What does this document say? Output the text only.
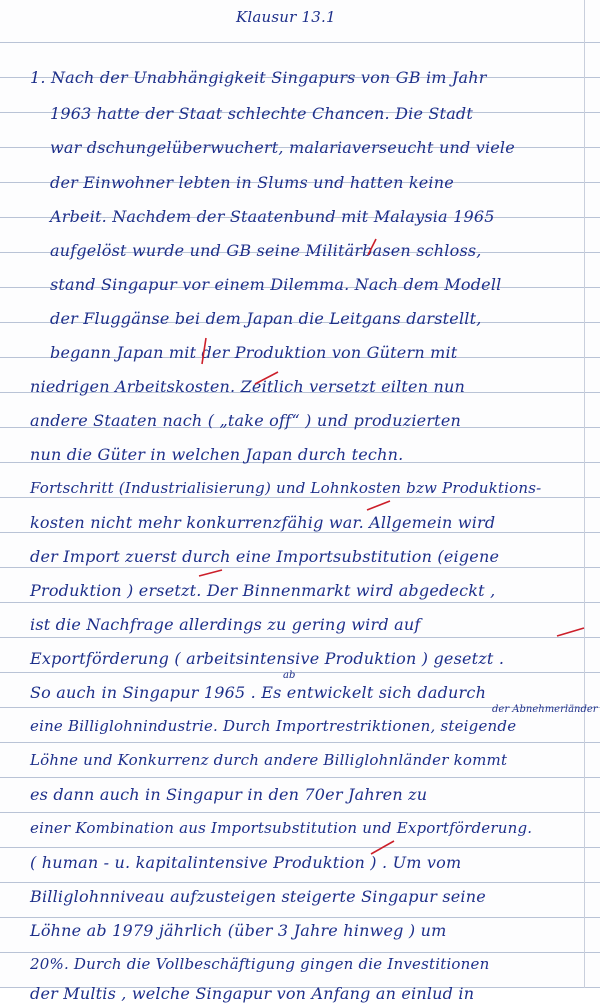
Klausur 13.1
1. Nach der Unabhängigkeit Singapurs von GB im Jahr
1963 hatte der Staat schlechte Chancen. Die Stadt
war dschungelüberwuchert, malariaverseucht und viele
der Einwohner lebten in Slums und hatten keine
Arbeit. Nachdem der Staatenbund mit Malaysia 1965
aufgelöst wurde und GB seine Militärbasen schloss,
stand Singapur vor einem Dilemma. Nach dem Modell
der Fluggänse bei dem Japan die Leitgans darstellt,
begann Japan mit der Produktion von Gütern mit
niedrigen Arbeitskosten. Zeitlich versetzt eilten nun
andere Staaten nach ( „take off“ ) und produzierten
nun die Güter in welchen Japan durch techn.
Fortschritt (Industrialisierung) und Lohnkosten bzw Produktions-
kosten nicht mehr konkurrenzfähig war. Allgemein wird
der Import zuerst durch eine Importsubstitution (eigene
Produktion ) ersetzt. Der Binnenmarkt wird abgedeckt ,
ist die Nachfrage allerdings zu gering wird auf
Exportförderung ( arbeitsintensive Produktion ) gesetzt .
So auch in Singapur 1965 . Es entwickelt sich dadurch
eine Billiglohnindustrie. Durch Importrestriktionen, steigende
Löhne und Konkurrenz durch andere Billiglohnländer kommt
es dann auch in Singapur in den 70er Jahren zu
einer Kombination aus Importsubstitution und Exportförderung.
( human - u. kapitalintensive Produktion ) . Um vom
Billiglohnniveau aufzusteigen steigerte Singapur seine
Löhne ab 1979 jährlich (über 3 Jahre hinweg ) um
20%. Durch die Vollbeschäftigung gingen die Investitionen
der Multis , welche Singapur von Anfang an einlud in
ab
der Abnehmerländer
